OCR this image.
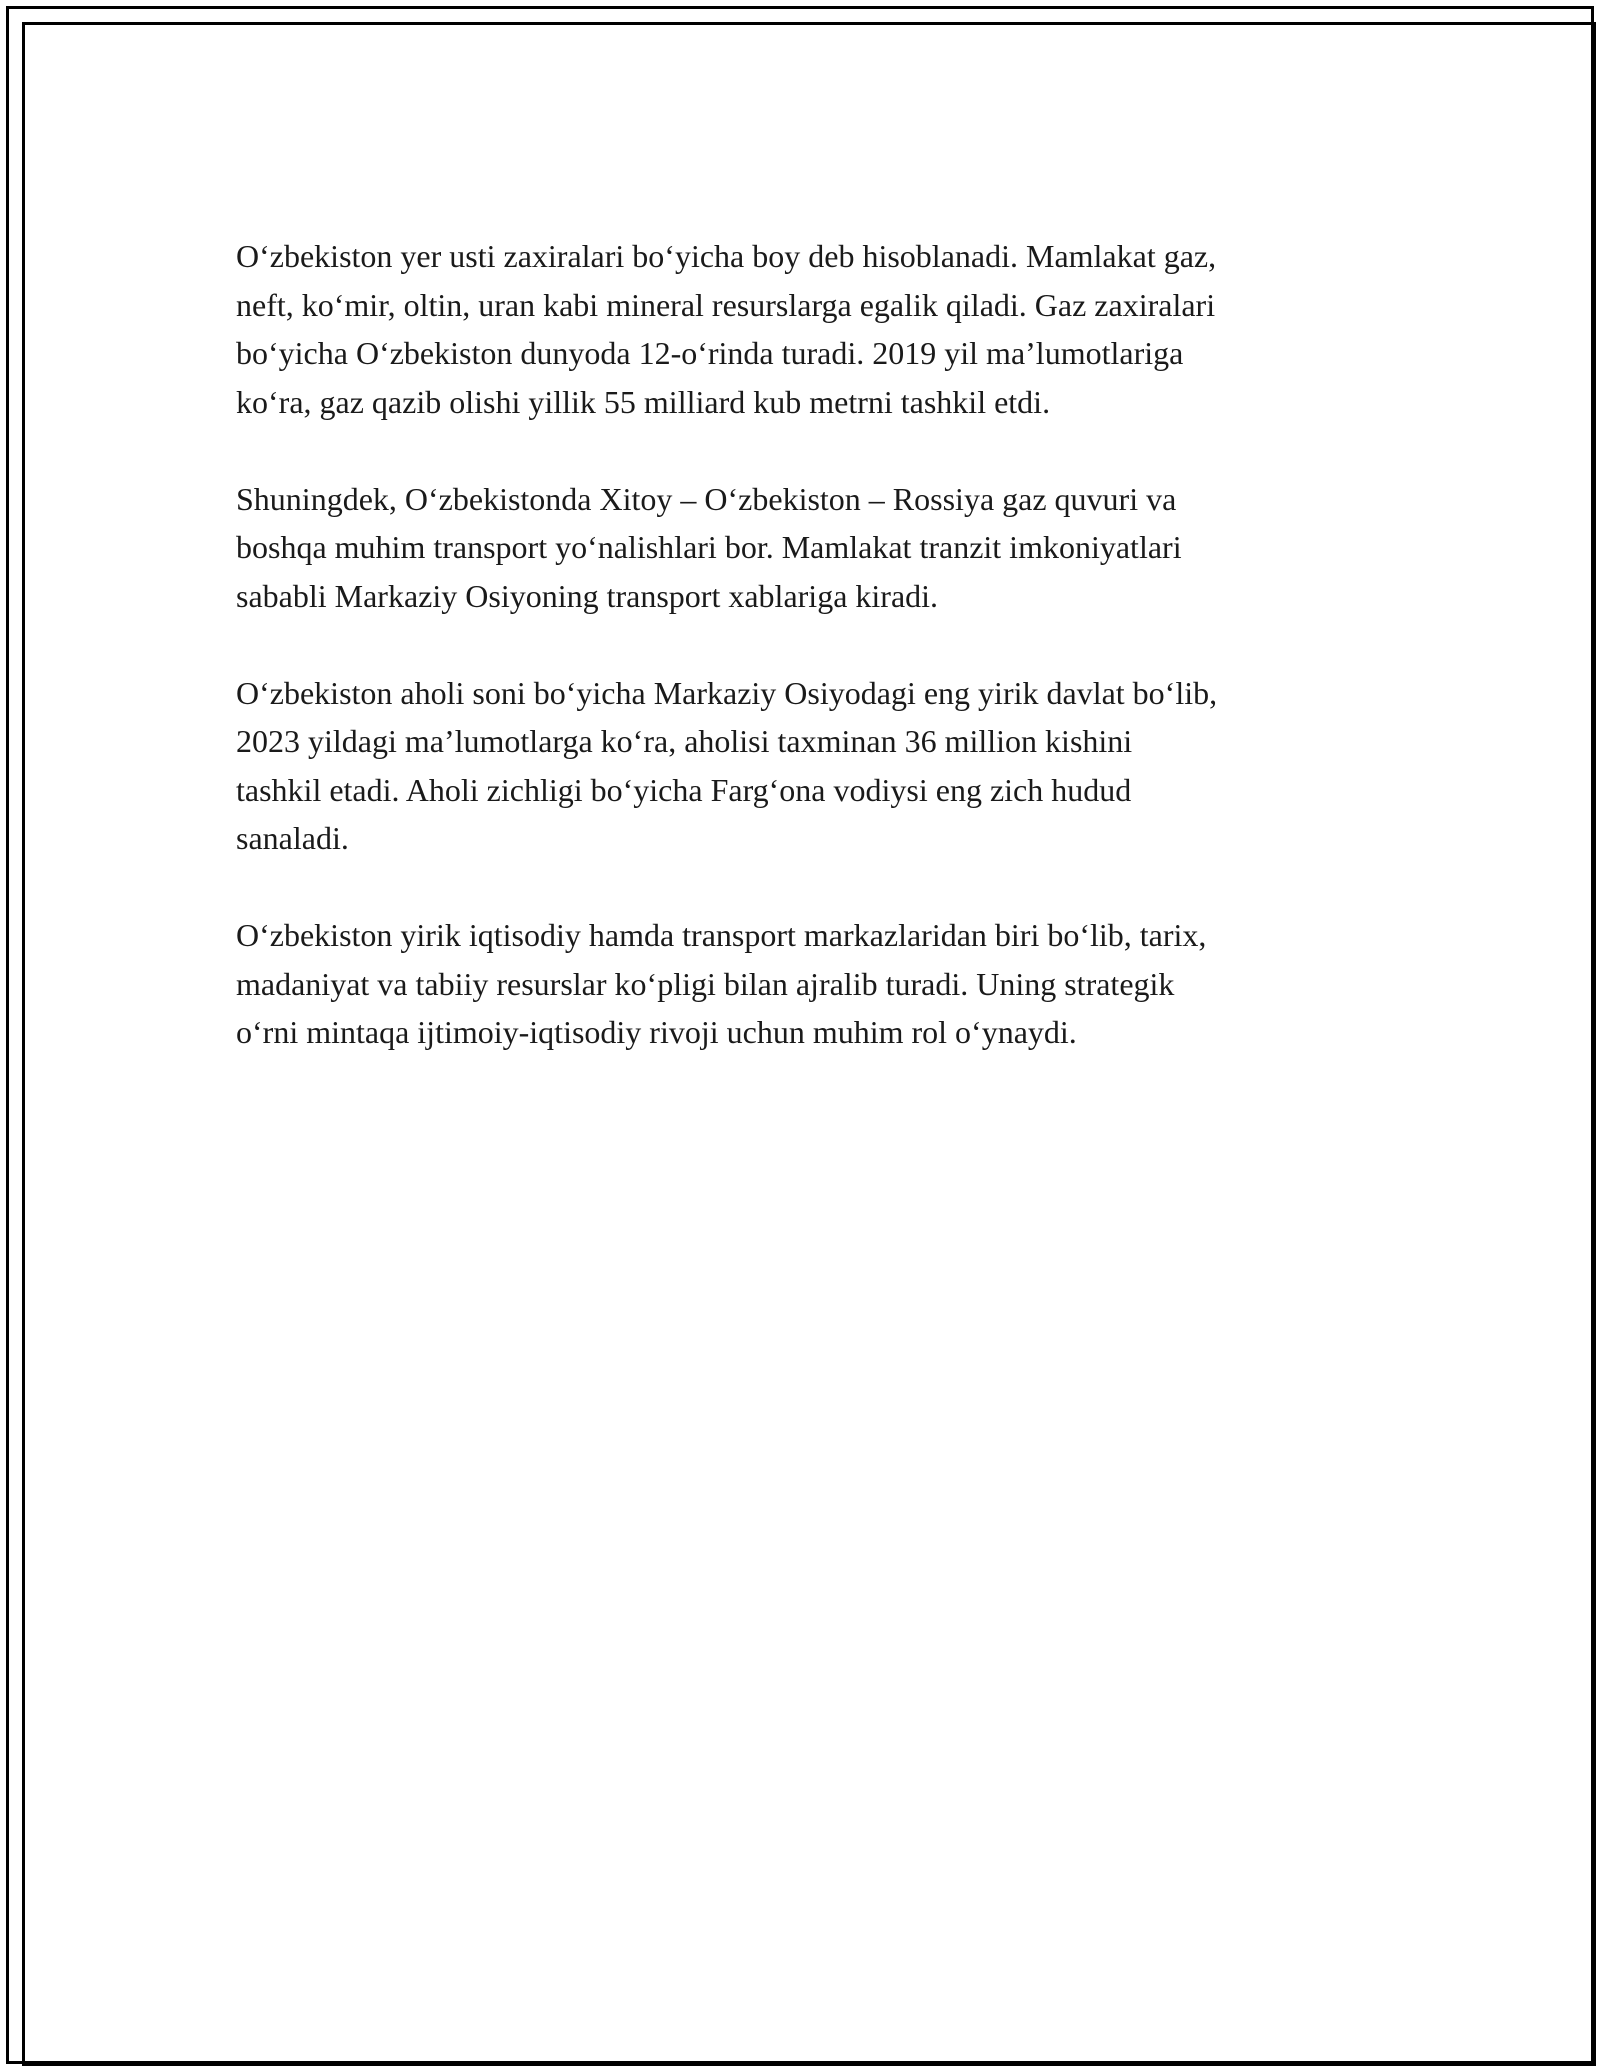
O‘zbekiston yer usti zaxiralari bo‘yicha boy deb hisoblanadi. Mamlakat gaz,
neft, ko‘mir, oltin, uran kabi mineral resurslarga egalik qiladi. Gaz zaxiralari
bo‘yicha O‘zbekiston dunyoda 12-o‘rinda turadi. 2019 yil ma’lumotlariga
ko‘ra, gaz qazib olishi yillik 55 milliard kub metrni tashkil etdi.

Shuningdek, O‘zbekistonda Xitoy – O‘zbekiston – Rossiya gaz quvuri va
boshqa muhim transport yo‘nalishlari bor. Mamlakat tranzit imkoniyatlari
sababli Markaziy Osiyoning transport xablariga kiradi.

O‘zbekiston aholi soni bo‘yicha Markaziy Osiyodagi eng yirik davlat bo‘lib,
2023 yildagi ma’lumotlarga ko‘ra, aholisi taxminan 36 million kishini
tashkil etadi. Aholi zichligi bo‘yicha Farg‘ona vodiysi eng zich hudud
sanaladi.

O‘zbekiston yirik iqtisodiy hamda transport markazlaridan biri bo‘lib, tarix,
madaniyat va tabiiy resurslar ko‘pligi bilan ajralib turadi. Uning strategik
o‘rni mintaqa ijtimoiy-iqtisodiy rivoji uchun muhim rol o‘ynaydi.
